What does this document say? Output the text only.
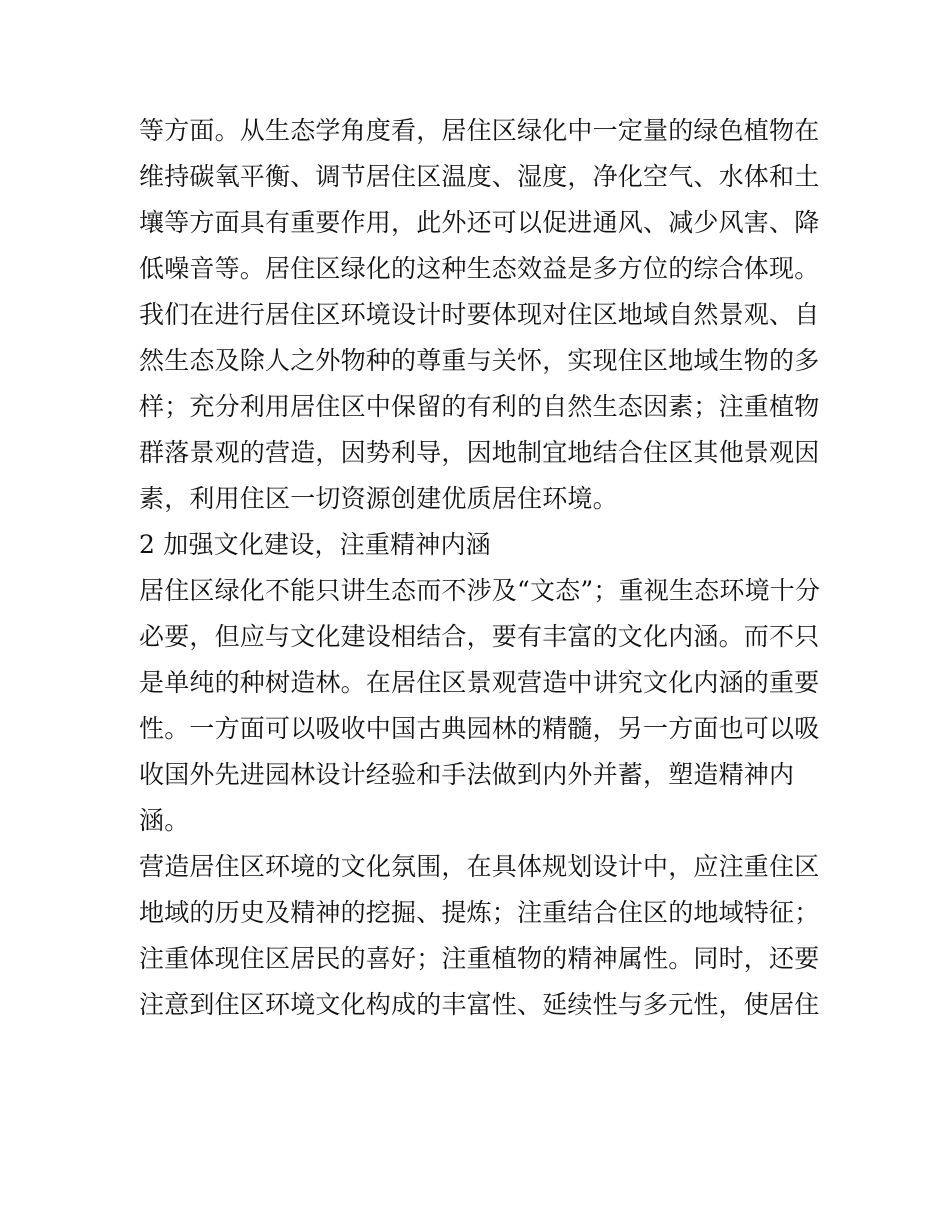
等方面。从生态学角度看，居住区绿化中一定量的绿色植物在
维持碳氧平衡、调节居住区温度、湿度，净化空气、水体和土
壤等方面具有重要作用，此外还可以促进通风、减少风害、降
低噪音等。居住区绿化的这种生态效益是多方位的综合体现。
我们在进行居住区环境设计时要体现对住区地域自然景观、自
然生态及除人之外物种的尊重与关怀，实现住区地域生物的多
样；充分利用居住区中保留的有利的自然生态因素；注重植物
群落景观的营造，因势利导，因地制宜地结合住区其他景观因
素，利用住区一切资源创建优质居住环境。
2 加强文化建设，注重精神内涵
居住区绿化不能只讲生态而不涉及“文态”；重视生态环境十分
必要，但应与文化建设相结合，要有丰富的文化内涵。而不只
是单纯的种树造林。在居住区景观营造中讲究文化内涵的重要
性。一方面可以吸收中国古典园林的精髓，另一方面也可以吸
收国外先进园林设计经验和手法做到内外并蓄，塑造精神内
涵。
营造居住区环境的文化氛围，在具体规划设计中，应注重住区
地域的历史及精神的挖掘、提炼；注重结合住区的地域特征；
注重体现住区居民的喜好；注重植物的精神属性。同时，还要
注意到住区环境文化构成的丰富性、延续性与多元性，使居住
